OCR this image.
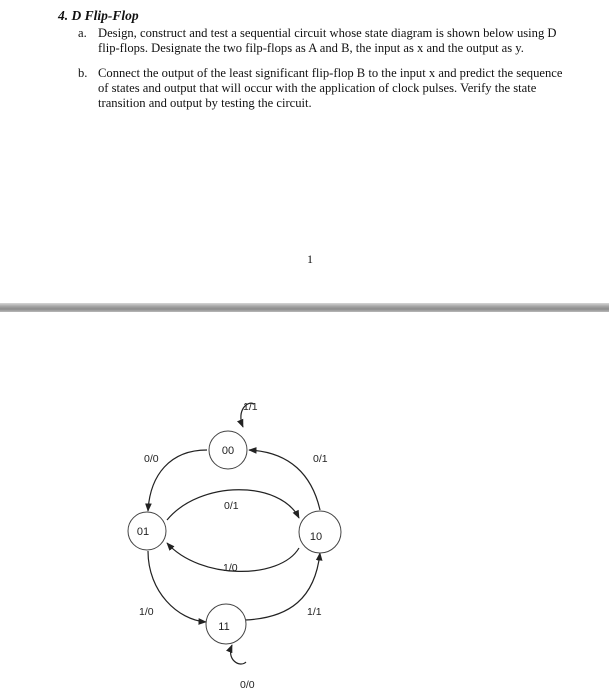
4. D Flip-Flop
a. Design, construct and test a sequential circuit whose state diagram is shown below using D flip-flops. Designate the two filp-flops as A and B, the input as x and the output as y.
b. Connect the output of the least significant flip-flop B to the input x and predict the sequence of states and output that will occur with the application of clock pulses. Verify the state transition and output by testing the circuit.
1
00
01	10
11
1/1
0/0	0/1
0/1
1/0
1/0	1/1
0/0
